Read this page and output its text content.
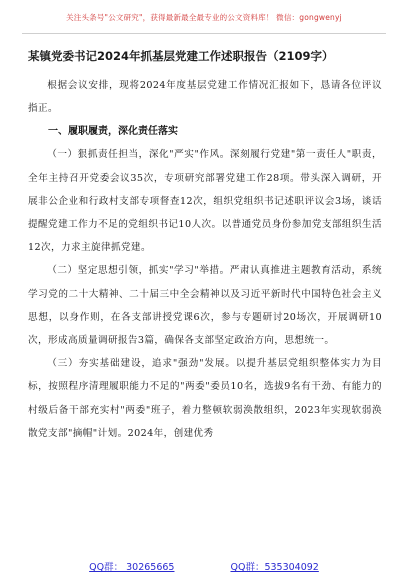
关注头条号"公文研究"，获得最新最全最专业的公文资料库！ 微信：gongwenyj
某镇党委书记2024年抓基层党建工作述职报告（2109字）

根据会议安排，现将2024年度基层党建工作情况汇报如下，恳请各位评议指正。

一、履职履责，深化责任落实

（一）狠抓责任担当，深化"严实"作风。深刻履行党建"第一责任人"职责，全年主持召开党委会议35次，专项研究部署党建工作28项。带头深入调研，开展非公企业和行政村支部专项督查12次，组织党组织书记述职评议会3场，谈话提醒党建工作力不足的党组织书记10人次。以普通党员身份参加党支部组织生活12次，力求主旋律抓党建。

（二）坚定思想引领，抓实"学习"举措。严肃认真推进主题教育活动，系统学习党的二十大精神、二十届三中全会精神以及习近平新时代中国特色社会主义思想，以身作则，在各支部讲授党课6次，参与专题研讨20场次，开展调研10次，形成高质量调研报告3篇，确保各支部坚定政治方向，思想统一。

（三）夯实基础建设，追求"强劲"发展。以提升基层党组织整体实力为目标，按照程序清理履职能力不足的"两委"委员10名，选拔9名有干劲、有能力的村级后备干部充实村"两委"班子，着力整顿软弱涣散组织，2023年实现软弱涣散党支部"摘帽"计划。2024年，创建优秀

QQ群： 30265665	QQ群：535304092
